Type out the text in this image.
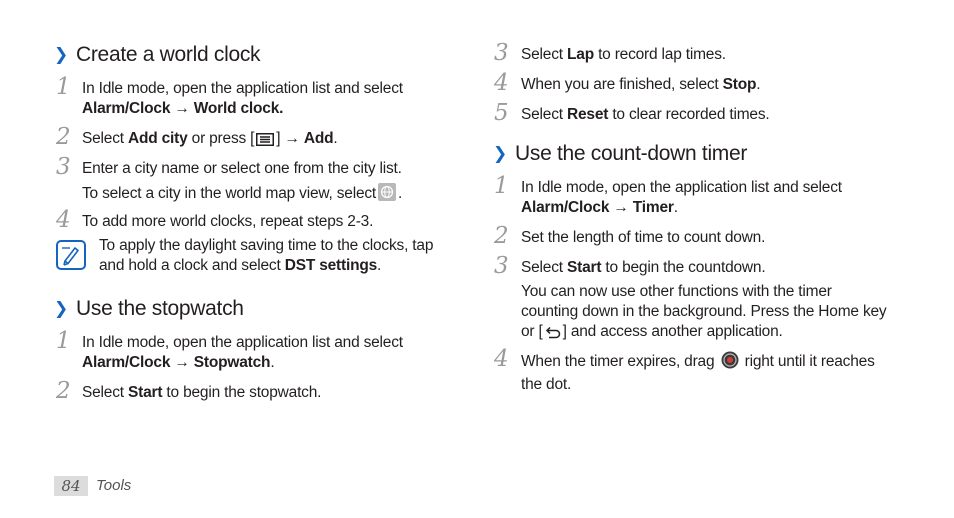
❯ Create a world clock
1 In Idle mode, open the application list and select
Alarm/Clock → World clock.
2 Select Add city or press [ ] → Add.
3 Enter a city name or select one from the city list.
To select a city in the world map view, select .
4 To add more world clocks, repeat steps 2-3.
To apply the daylight saving time to the clocks, tap
and hold a clock and select DST settings.
❯ Use the stopwatch
1 In Idle mode, open the application list and select
Alarm/Clock → Stopwatch.
2 Select Start to begin the stopwatch.
3 Select Lap to record lap times.
4 When you are finished, select Stop.
5 Select Reset to clear recorded times.
❯ Use the count-down timer
1 In Idle mode, open the application list and select
Alarm/Clock → Timer.
2 Set the length of time to count down.
3 Select Start to begin the countdown.
You can now use other functions with the timer
counting down in the background. Press the Home key
or [ ] and access another application.
4 When the timer expires, drag  right until it reaches
the dot.
84	Tools
